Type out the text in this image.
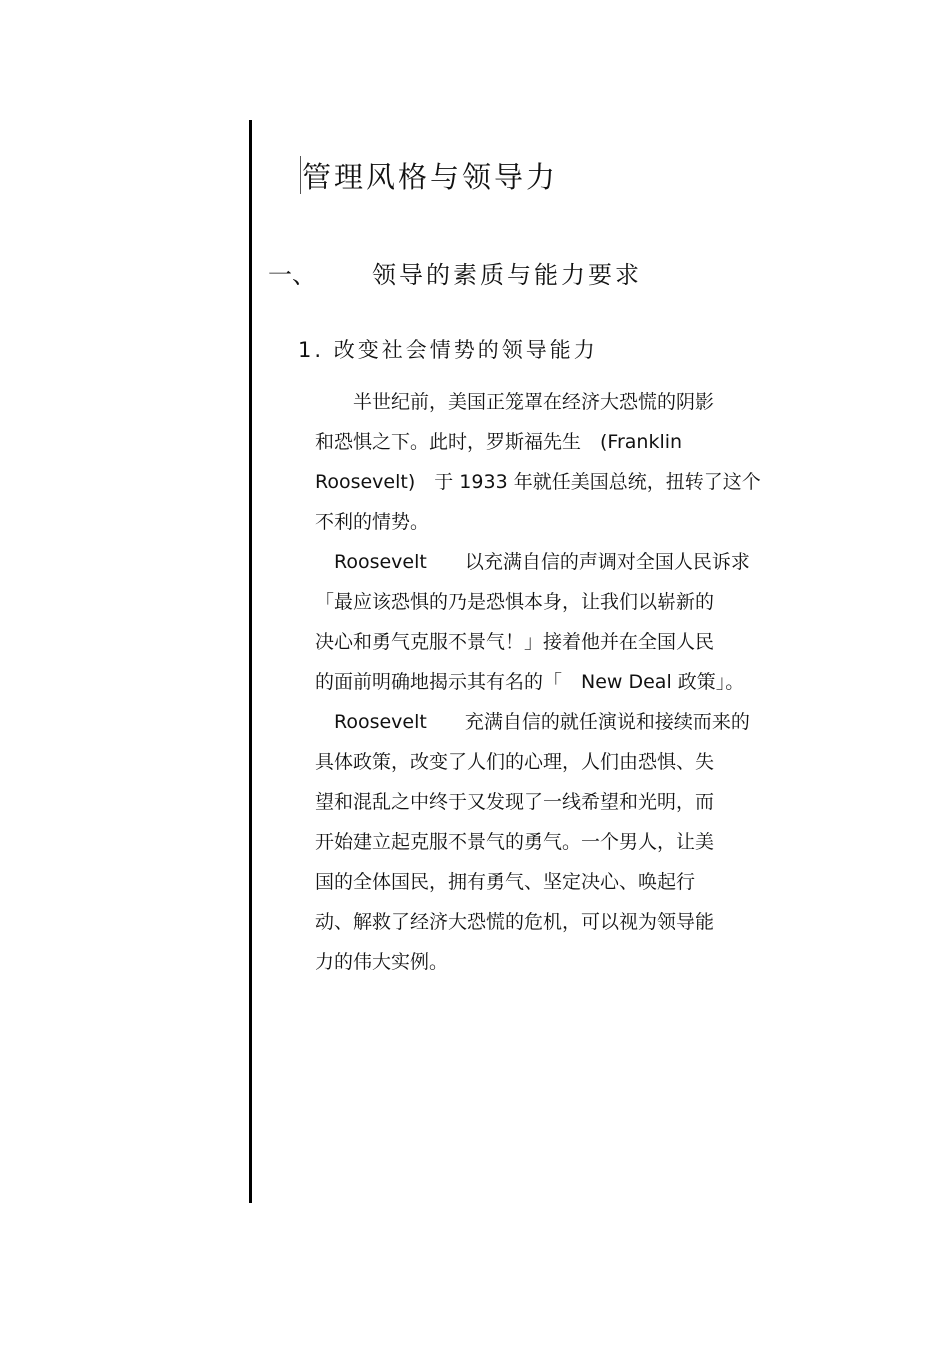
管理风格与领导力
一、 领导的素质与能力要求
1. 改变社会情势的领导能力
　　半世纪前，美国正笼罩在经济大恐慌的阴影
和恐惧之下。此时，罗斯福先生　(Franklin
Roosevelt)　于 1933 年就任美国总统，扭转了这个
不利的情势。
　Roosevelt　　以充满自信的声调对全国人民诉求
「最应该恐惧的乃是恐惧本身，让我们以崭新的
决心和勇气克服不景气！」接着他并在全国人民
的面前明确地揭示其有名的「　New Deal 政策」。
　Roosevelt　　充满自信的就任演说和接续而来的
具体政策，改变了人们的心理，人们由恐惧、失
望和混乱之中终于又发现了一线希望和光明，而
开始建立起克服不景气的勇气。一个男人，让美
国的全体国民，拥有勇气、坚定决心、唤起行
动、解救了经济大恐慌的危机，可以视为领导能
力的伟大实例。
